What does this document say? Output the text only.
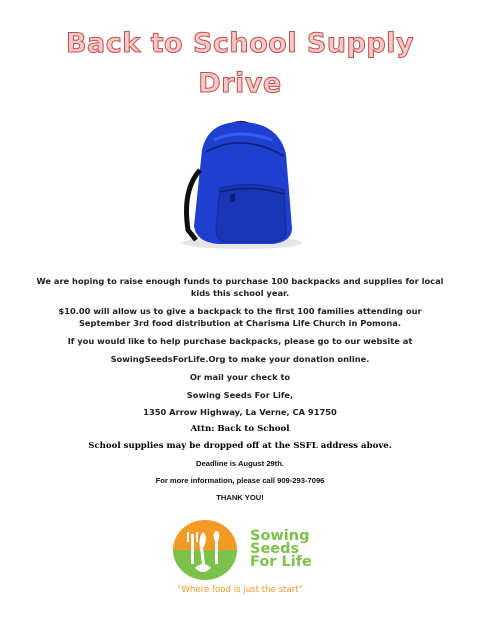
Back to School Supply
Drive
We are hoping to raise enough funds to purchase 100 backpacks and supplies for local
kids this school year.
$10.00 will allow us to give a backpack to the first 100 families attending our
September 3rd food distribution at Charisma Life Church in Pomona.
If you would like to help purchase backpacks, please go to our website at
SowingSeedsForLife.Org to make your donation online.
Or mail your check to
Sowing Seeds For Life,
1350 Arrow Highway, La Verne, CA 91750
Attn: Back to School
School supplies may be dropped off at the SSFL address above.
Deadline is August 29th.
For more information, please call 909-293-7096
THANK YOU!
Sowing
Seeds
For Life
“Where food is just the start”
